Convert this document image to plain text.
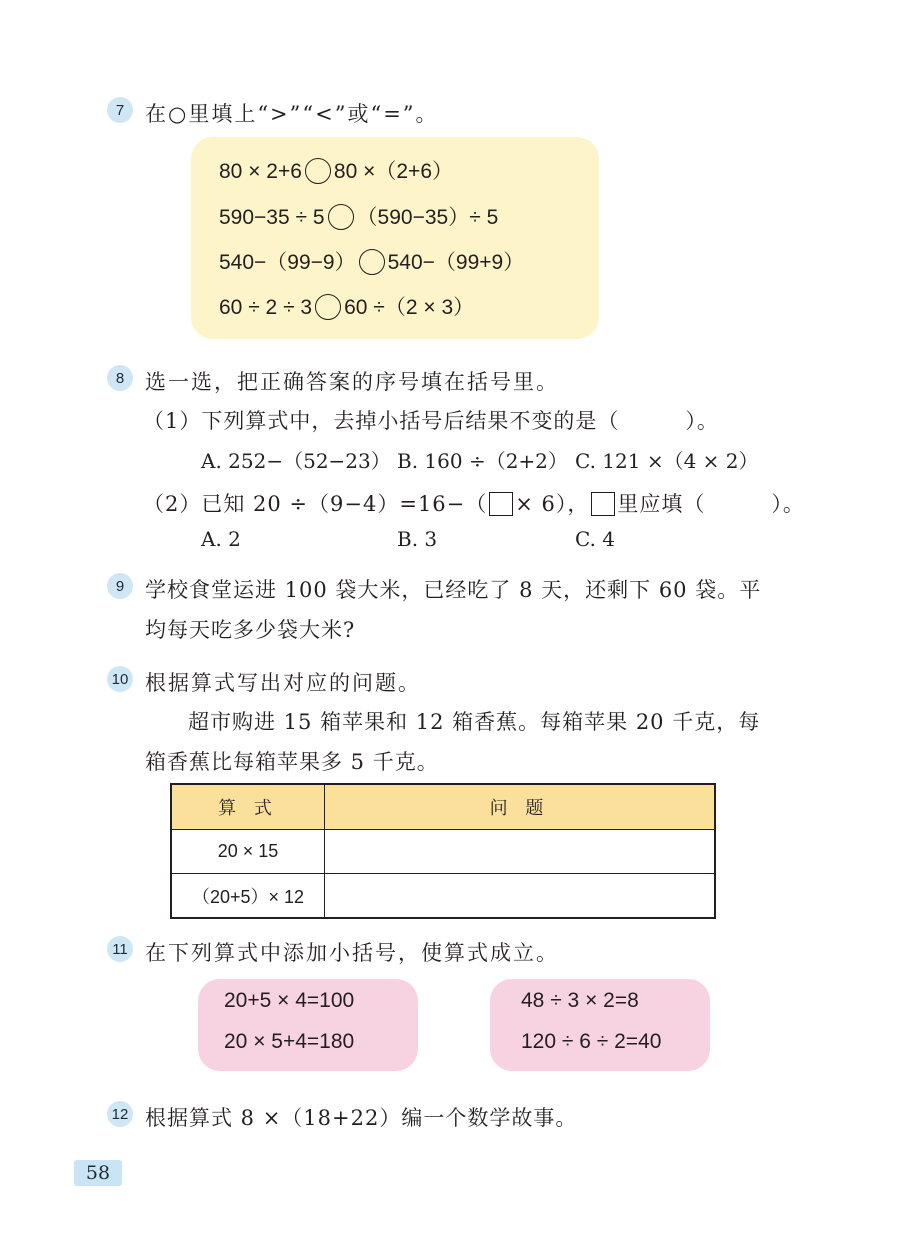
7 在○里填上“>”“<”或“=”。
80 × 2+6 80 ×（2+6）
590−35 ÷ 5 （590−35）÷ 5
540−（99−9） 540−（99+9）
60 ÷ 2 ÷ 3 60 ÷（2 × 3）
8 选一选，把正确答案的序号填在括号里。
（1）下列算式中，去掉小括号后结果不变的是（　　　）。
A. 252−（52−23） B. 160 ÷（2+2） C. 121 ×（4 × 2）
（2）已知 20 ÷（9−4）=16−（ × 6）， 里应填（　　　）。
A. 2	B. 3	C. 4
9 学校食堂运进 100 袋大米，已经吃了 8 天，还剩下 60 袋。平
均每天吃多少袋大米?
10 根据算式写出对应的问题。
超市购进 15 箱苹果和 12 箱香蕉。每箱苹果 20 千克，每
箱香蕉比每箱苹果多 5 千克。
算 式	问 题
20 × 15	
（20+5）× 12	
11 在下列算式中添加小括号，使算式成立。
20+5 × 4=100
20 × 5+4=180
48 ÷ 3 × 2=8
120 ÷ 6 ÷ 2=40
12 根据算式 8 ×（18+22）编一个数学故事。
58
